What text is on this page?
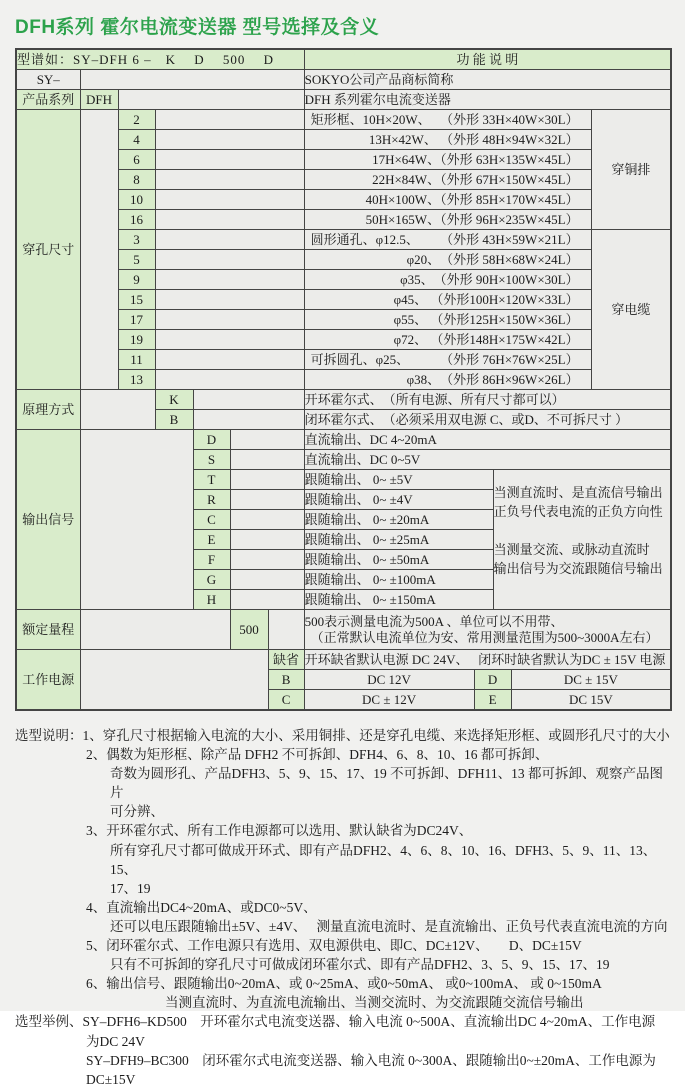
DFH系列 霍尔电流变送器 型号选择及含义
型谱如：SY–DFH 6 –　K　 D　 500　 D							功 能 说 明				
SY–							SOKYO公司产品商标简称				
产品系列	DFH						DFH 系列霍尔电流变送器				
穿孔尺寸		2					矩形框、10H×20W、 （外形 33H×40W×30L）				穿铜排
		4					13H×42W、 （外形 48H×94W×32L）				

		6					17H×64W、（外形 63H×135W×45L）				

		8					22H×84W、（外形 67H×150W×45L）				

		10					40H×100W、（外形 85H×170W×45L）				

		16					50H×165W、（外形 96H×235W×45L）				

		3					圆形通孔、φ12.5、 （外形 43H×59W×21L）				穿电缆
		5					φ20、　（外形 58H×68W×24L）				

		9					φ35、　（外形 90H×100W×30L）				

		15					φ45、 （外形100H×120W×33L）				

		17					φ55、 （外形125H×150W×36L）				

		19					φ72、 （外形148H×175W×42L）				

		11					可拆圆孔、φ25、 （外形 76H×76W×25L）				

		13					φ38、　（外形 86H×96W×26L）				

原理方式			K				开环霍尔式、　（所有电源、所有尺寸都可以）				
			B				闭环霍尔式、　（必须采用双电源 C、或D、不可拆尺寸 ）				
输出信号				D			直流输出、DC 4~20mA				
				S			直流输出、DC 0~5V				
				T			跟随输出、 0~ ±5V		当测直流时、是直流信号输出
正负号代表电流的正负方向性
当测量交流、或脉动直流时
输出信号为交流跟随信号输出		

				R			跟随输出、 0~ ±4V				
				C			跟随输出、 0~ ±20mA				
				E			跟随输出、 0~ ±25mA				
				F			跟随输出、 0~ ±50mA				
				G			跟随输出、 0~ ±100mA				
				H			跟随输出、 0~ ±150mA				
额定量程					500		500表示测量电流为500A 、单位可以不用带、
（正常默认电流单位为安、常用测量范围为500~3000A左右）				

工作电源						缺省	开环缺省默认电源 DC 24V、　 闭环时缺省默认为DC ± 15V 电源				
						B	DC 12V	D		DC ± 15V	
						C	DC ± 12V	E		DC 15V	
选型说明：1、穿孔尺寸根据输入电流的大小、采用铜排、还是穿孔电缆、来选择矩形框、或圆形孔尺寸的大小
2、偶数为矩形框、除产品 DFH2 不可拆卸、DFH4、6、8、10、16 都可拆卸、
奇数为圆形孔、产品DFH3、5、9、15、17、19 不可拆卸、DFH11、13 都可拆卸、观察产品图片
可分辨、
3、开环霍尔式、所有工作电源都可以选用、默认缺省为DC24V、
所有穿孔尺寸都可做成开环式、即有产品DFH2、4、6、8、10、16、DFH3、5、9、11、13、15、
17、19
4、直流输出DC4~20mA、或DC0~5V、
还可以电压跟随输出±5V、±4V、　 测量直流电流时、是直流输出、正负号代表直流电流的方向
5、闭环霍尔式、工作电源只有选用、双电源供电、即C、DC±12V、　　D、DC±15V
只有不可拆卸的穿孔尺寸可做成闭环霍尔式、即有产品DFH2、3、5、9、15、17、19
6、输出信号、跟随输出0~20mA、或 0~25mA、或0~50mA、 或0~100mA、 或 0~150mA
当测直流时、为直流电流输出、当测交流时、为交流跟随交流信号输出
选型举例、SY–DFH6–KD500　开环霍尔式电流变送器、输入电流 0~500A、直流输出DC 4~20mA、工作电源
为DC 24V
SY–DFH9–BC300　闭环霍尔式电流变送器、输入电流 0~300A、跟随输出0~±20mA、工作电源为
DC±15V
